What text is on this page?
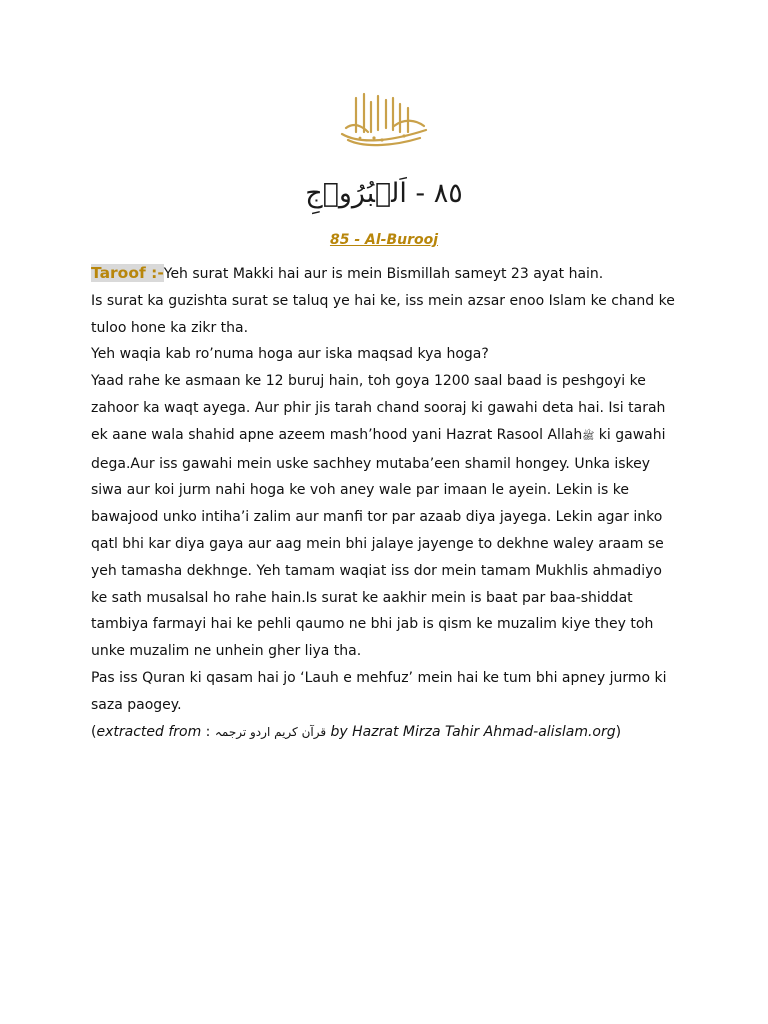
٨٥ - اَلۡبُرُوۡجِ
85 - Al-Burooj

Taroof :-Yeh surat Makki hai aur is mein Bismillah sameyt 23 ayat hain.

Is surat ka guzishta surat se taluq ye hai ke, iss mein azsar enoo Islam ke chand ke tuloo hone ka zikr tha.

Yeh waqia kab ro’numa hoga aur iska maqsad kya hoga?

Yaad rahe ke asmaan ke 12 buruj hain, toh goya 1200 saal baad is peshgoyi ke zahoor ka waqt ayega. Aur phir jis tarah chand sooraj ki gawahi deta hai. Isi tarah ek aane wala shahid apne azeem mash’hood yani Hazrat Rasool Allahﷺ ki gawahi dega.Aur iss gawahi mein uske sachhey mutaba’een shamil hongey. Unka iskey siwa aur koi jurm nahi hoga ke voh aney wale par imaan le ayein. Lekin is ke bawajood unko intiha’i zalim aur manfi tor par azaab diya jayega. Lekin agar inko qatl bhi kar diya gaya aur aag mein bhi jalaye jayenge to dekhne waley araam se yeh tamasha dekhnge. Yeh tamam waqiat iss dor mein tamam Mukhlis ahmadiyo ke sath musalsal ho rahe hain.Is surat ke aakhir mein is baat par baa-shiddat tambiya farmayi hai ke pehli qaumo ne bhi jab is qism ke muzalim kiye they toh unke muzalim ne unhein gher liya tha.

Pas iss Quran ki qasam hai jo ‘Lauh e mehfuz’ mein hai ke tum bhi apney jurmo ki saza paogey.

(extracted from : قرآن کریم اردو ترجمہ by Hazrat Mirza Tahir Ahmad-alislam.org)
